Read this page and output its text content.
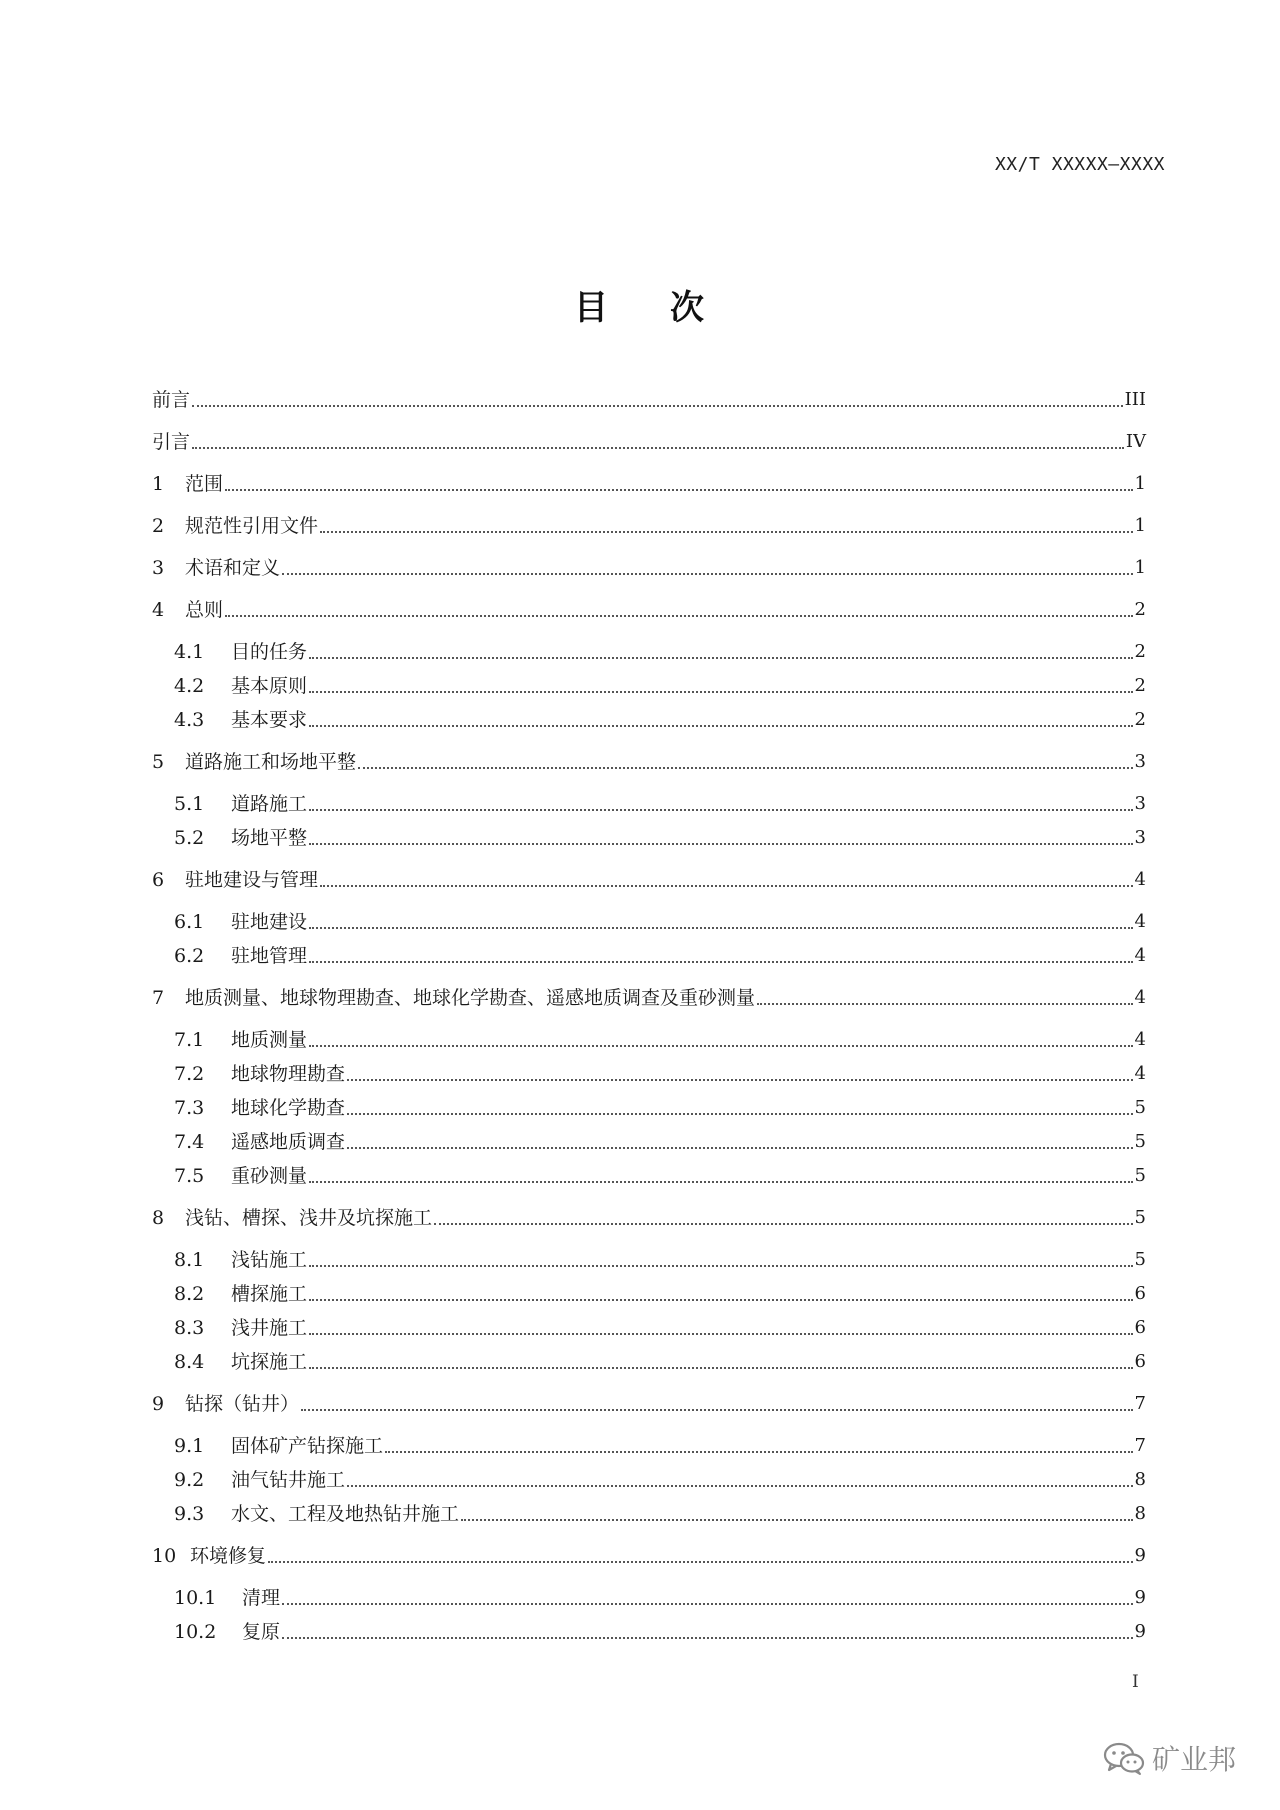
XX/T XXXXX—XXXX
目 次
前言	III
引言	IV
1	范围	1
2	规范性引用文件	1
3	术语和定义	1
4	总则	2
4.1	目的任务	2
4.2	基本原则	2
4.3	基本要求	2
5	道路施工和场地平整	3
5.1	道路施工	3
5.2	场地平整	3
6	驻地建设与管理	4
6.1	驻地建设	4
6.2	驻地管理	4
7	地质测量、地球物理勘查、地球化学勘查、遥感地质调查及重砂测量	4
7.1	地质测量	4
7.2	地球物理勘查	4
7.3	地球化学勘查	5
7.4	遥感地质调查	5
7.5	重砂测量	5
8	浅钻、槽探、浅井及坑探施工	5
8.1	浅钻施工	5
8.2	槽探施工	6
8.3	浅井施工	6
8.4	坑探施工	6
9	钻探（钻井）	7
9.1	固体矿产钻探施工	7
9.2	油气钻井施工	8
9.3	水文、工程及地热钻井施工	8
10 环境修复	9
10.1	清理	9
10.2	复原	9
I
矿业邦
